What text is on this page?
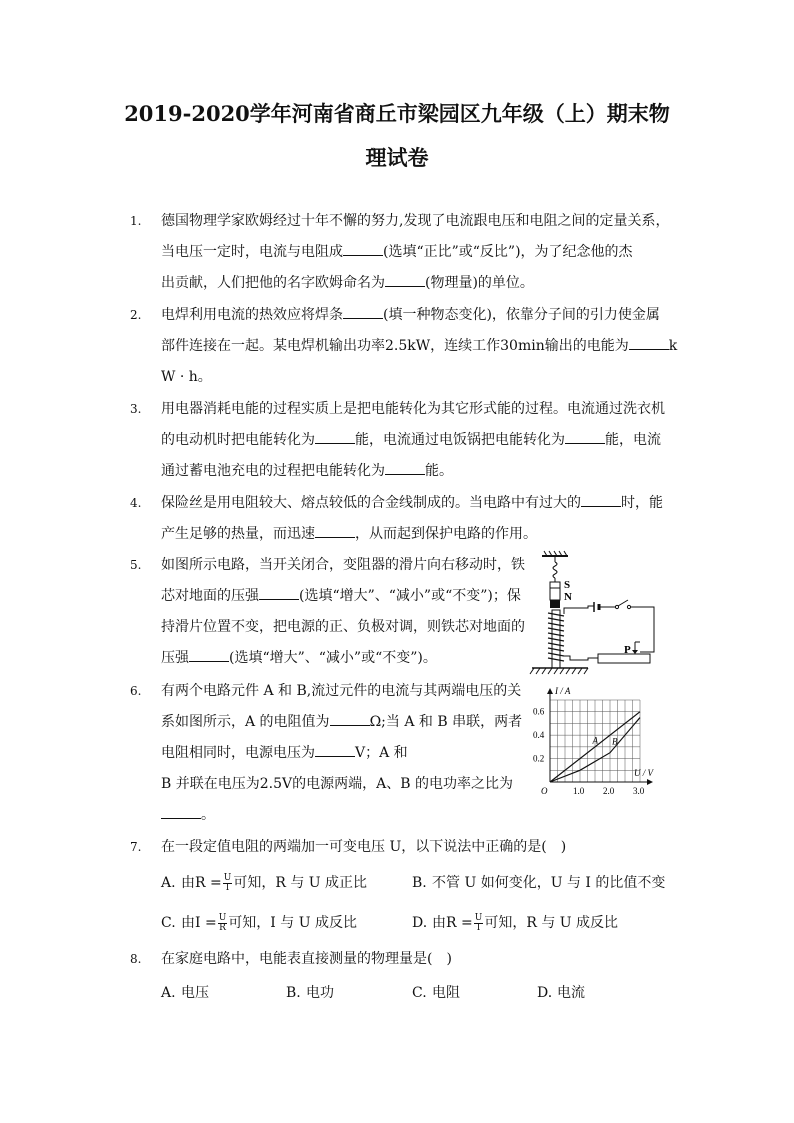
2019-2020学年河南省商丘市梁园区九年级（上）期末物
理试卷
1.	德国物理学家欧姆经过十年不懈的努力,发现了电流跟电压和电阻之间的定量关系，
当电压一定时，电流与电阻成	(选填“正比”或“反比”)，为了纪念他的杰
出贡献，人们把他的名字欧姆命名为	(物理量)的单位。
2.	电焊利用电流的热效应将焊条	(填一种物态变化)，依靠分子间的引力使金属
部件连接在一起。某电焊机输出功率2.5kW，连续工作30min输出的电能为	k
W · h。
3.	用电器消耗电能的过程实质上是把电能转化为其它形式能的过程。电流通过洗衣机
的电动机时把电能转化为	能，电流通过电饭锅把电能转化为	能，电流
通过蓄电池充电的过程把电能转化为	能。
4.	保险丝是用电阻较大、熔点较低的合金线制成的。当电路中有过大的	时，能
产生足够的热量，而迅速	，从而起到保护电路的作用。
5.	如图所示电路，当开关闭合，变阻器的滑片向右移动时，铁
芯对地面的压强	(选填“增大”、“减小”或“不变”)；保
持滑片位置不变，把电源的正、负极对调，则铁芯对地面的
压强	(选填“增大”、“减小”或“不变”)。
S
N
P
6.	有两个电路元件 A 和 B,流过元件的电流与其两端电压的关
系如图所示，A 的电阻值为	Ω;当 A 和 B 串联，两者
电阻相同时，电源电压为	V；A 和
B 并联在电压为2.5V的电源两端，A、B 的电功率之比为
。
A B
O	1.0 2.0 3.0
0.2
0.4
0.6
U / V
I / A
7.	在一段定值电阻的两端加一可变电压 U，以下说法中正确的是(　)
A. 由$R = \frac{U}{I}$ 可知，R 与 U 成正比	B. 不管 U 如何变化，U 与 I 的比值不变
C. 由$I = \frac{U}{R}$ 可知，I 与 U 成反比	D. 由$R = \frac{U}{I}$ 可知，R 与 U 成反比
8.	在家庭电路中，电能表直接测量的物理量是(　)
A. 电压	B. 电功	C. 电阻	D. 电流
